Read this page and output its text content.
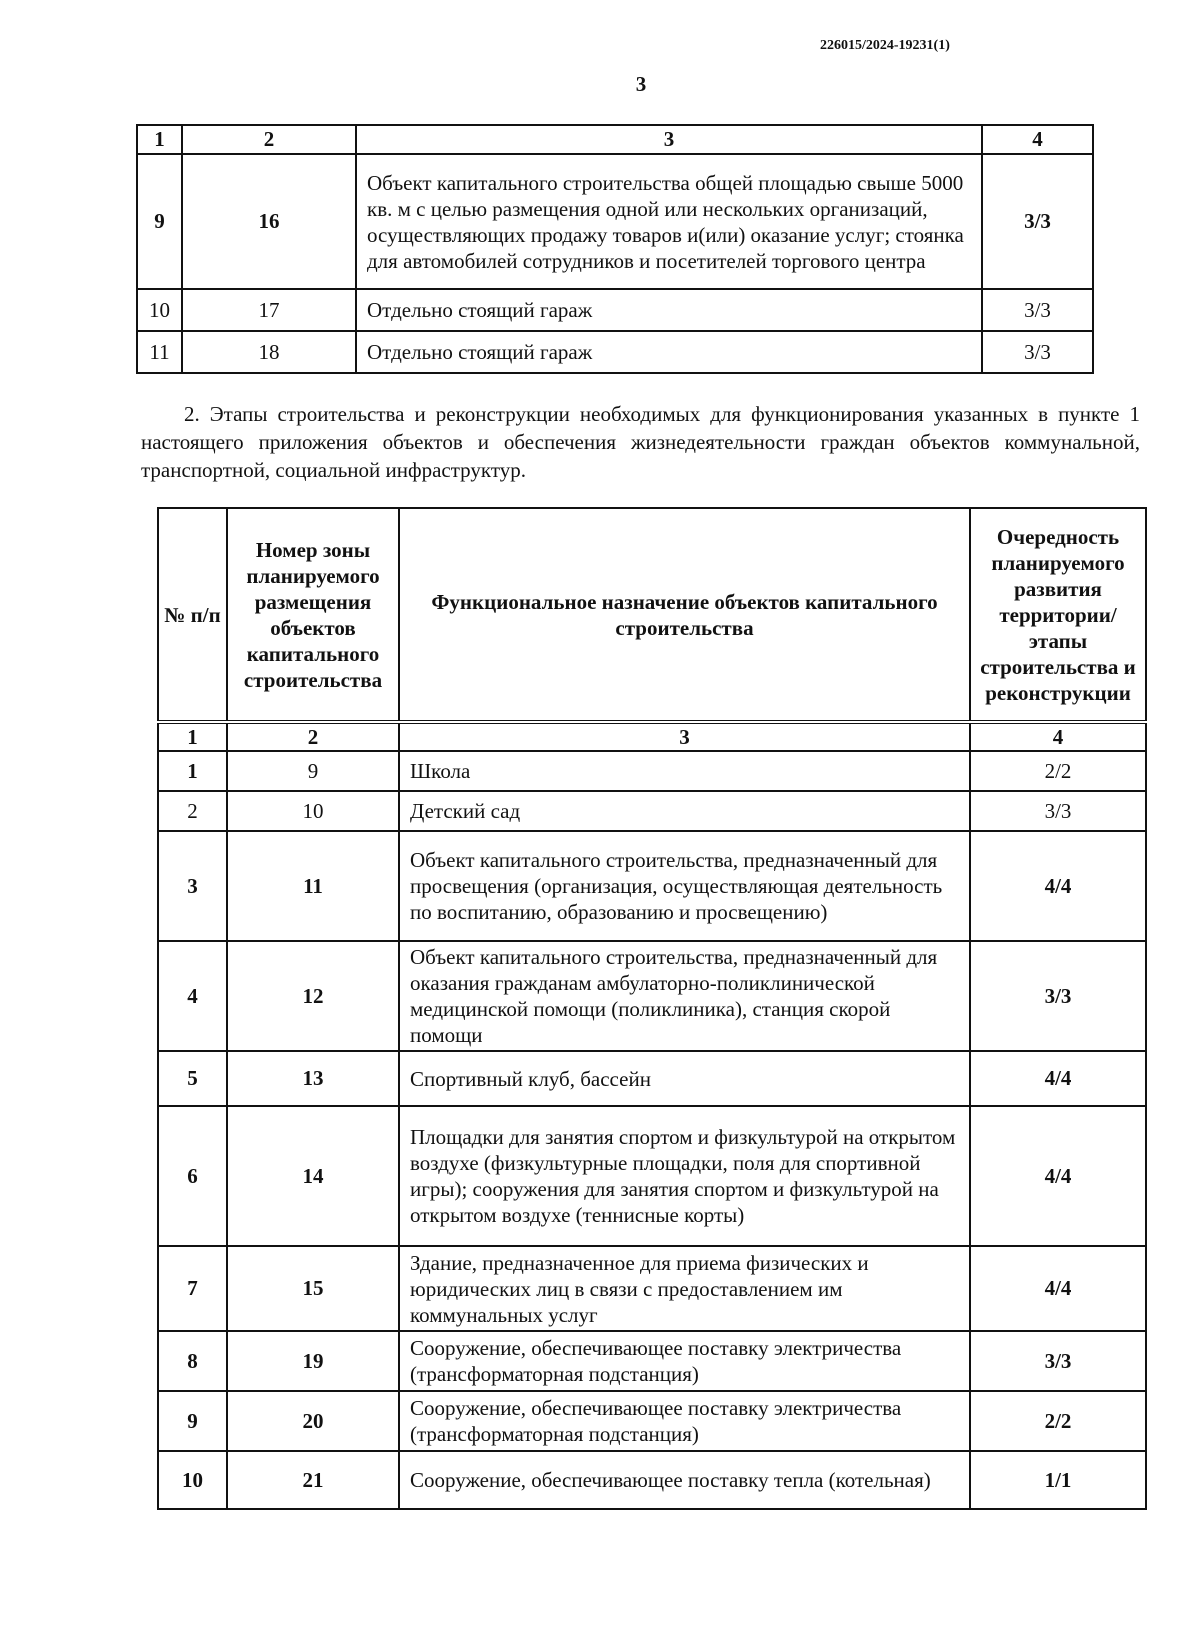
226015/2024-19231(1)
3
1	2	3	4
9	16	Объект капитального строительства общей площадью свыше 5000 кв. м с целью размещения одной или нескольких организаций, осуществляющих продажу товаров и(или) оказание услуг; стоянка для автомобилей сотрудников и посетителей торгового центра	3/3
10	17	Отдельно стоящий гараж	3/3
11	18	Отдельно стоящий гараж	3/3
2. Этапы строительства и реконструкции необходимых для функционирования указанных в пункте 1 настоящего приложения объектов и обеспечения жизнедеятельности граждан объектов коммунальной, транспортной, социальной инфраструктур.
№ п/п	Номер зоны планируемого размещения объектов капитального строительства	Функциональное назначение объектов капитального строительства	Очередность планируемого развития территории/ этапы строительства и реконструкции
1	2	3	4
1	9	Школа	2/2
2	10	Детский сад	3/3
3	11	Объект капитального строительства, предназначенный для просвещения (организация, осуществляющая деятельность по воспитанию, образованию и просвещению)	4/4
4	12	Объект капитального строительства, предназначенный для оказания гражданам амбулаторно-поликлинической медицинской помощи (поликлиника), станция скорой помощи	3/3
5	13	Спортивный клуб, бассейн	4/4
6	14	Площадки для занятия спортом и физкультурой на открытом воздухе (физкультурные площадки, поля для спортивной игры); сооружения для занятия спортом и физкультурой на открытом воздухе (теннисные корты)	4/4
7	15	Здание, предназначенное для приема физических и юридических лиц в связи с предоставлением им коммунальных услуг	4/4
8	19	Сооружение, обеспечивающее поставку электричества (трансформаторная подстанция)	3/3
9	20	Сооружение, обеспечивающее поставку электричества (трансформаторная подстанция)	2/2
10	21	Сооружение, обеспечивающее поставку тепла (котельная)	1/1
